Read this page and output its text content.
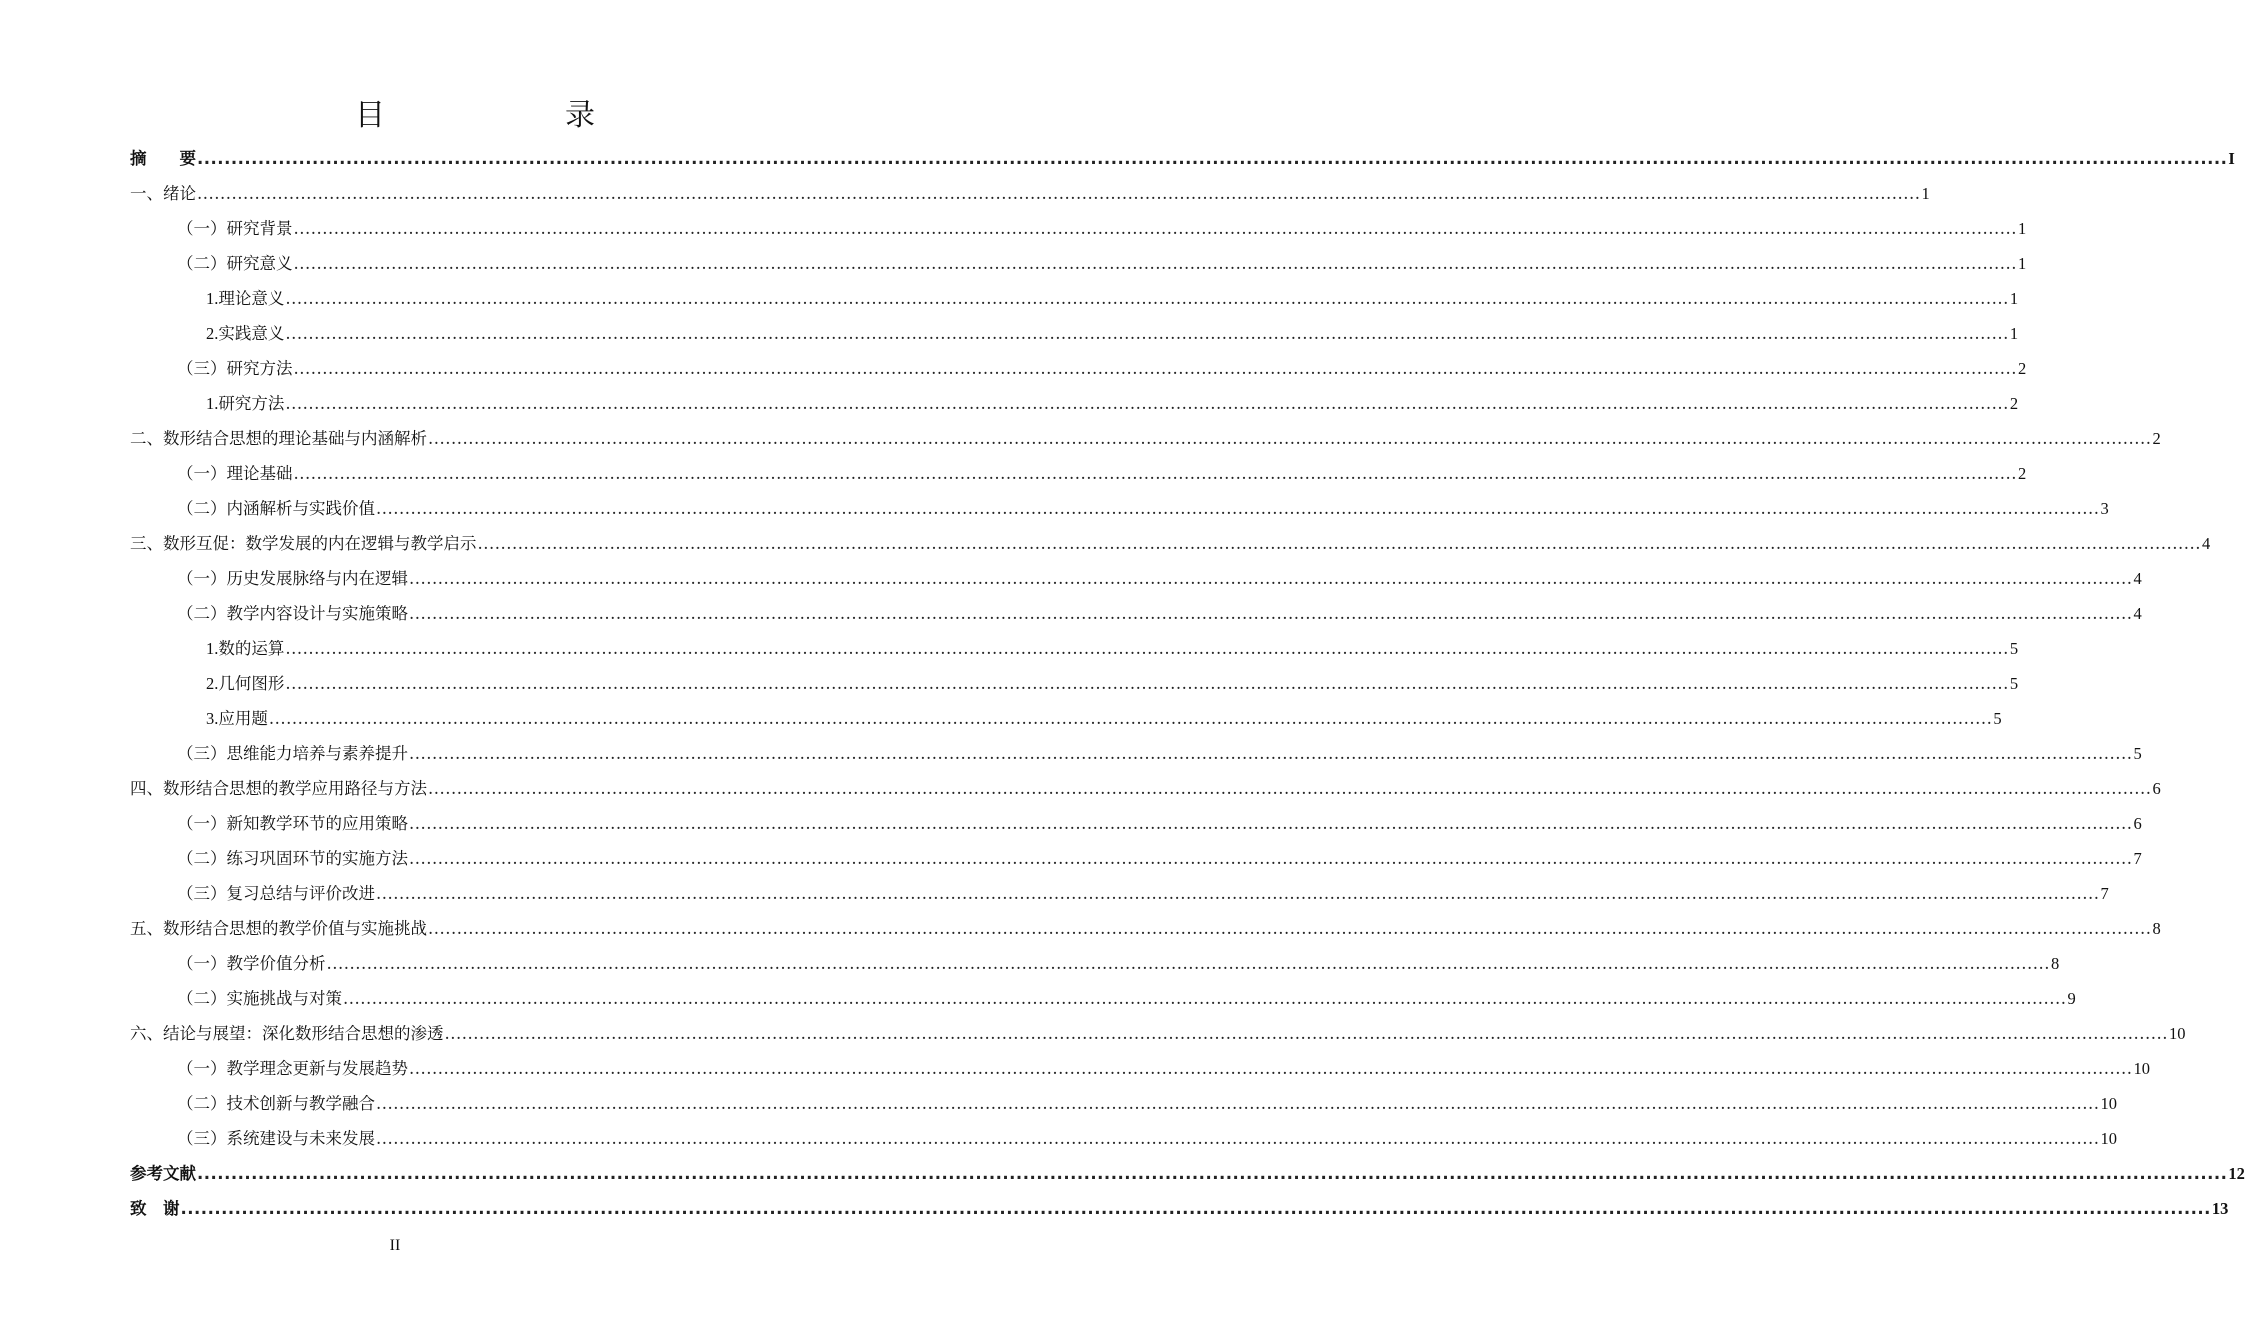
目　　录
摘　　要 ............................................................................................................................................................................................................................................................................................................ I
一、 绪论 ............................................................................................................................................................................................................................................................................................................ 1
（一） 研究背景 ............................................................................................................................................................................................................................................................................................................ 1
（二） 研究意义 ............................................................................................................................................................................................................................................................................................................ 1
1. 理论意义 ............................................................................................................................................................................................................................................................................................................ 1
2. 实践意义 ............................................................................................................................................................................................................................................................................................................ 1
（三） 研究方法 ............................................................................................................................................................................................................................................................................................................ 2
1. 研究方法 ............................................................................................................................................................................................................................................................................................................ 2
二、 数形结合思想的理论基础与内涵解析 ............................................................................................................................................................................................................................................................................................................ 2
（一） 理论基础 ............................................................................................................................................................................................................................................................................................................ 2
（二） 内涵解析与实践价值 ............................................................................................................................................................................................................................................................................................................ 3
三、 数形互促：数学发展的内在逻辑与教学启示 ............................................................................................................................................................................................................................................................................................................ 4
（一） 历史发展脉络与内在逻辑 ............................................................................................................................................................................................................................................................................................................ 4
（二） 教学内容设计与实施策略 ............................................................................................................................................................................................................................................................................................................ 4
1. 数的运算 ............................................................................................................................................................................................................................................................................................................ 5
2. 几何图形 ............................................................................................................................................................................................................................................................................................................ 5
3. 应用题 ............................................................................................................................................................................................................................................................................................................ 5
（三） 思维能力培养与素养提升 ............................................................................................................................................................................................................................................................................................................ 5
四、 数形结合思想的教学应用路径与方法 ............................................................................................................................................................................................................................................................................................................ 6
（一） 新知教学环节的应用策略 ............................................................................................................................................................................................................................................................................................................ 6
（二） 练习巩固环节的实施方法 ............................................................................................................................................................................................................................................................................................................ 7
（三） 复习总结与评价改进 ............................................................................................................................................................................................................................................................................................................ 7
五、 数形结合思想的教学价值与实施挑战 ............................................................................................................................................................................................................................................................................................................ 8
（一） 教学价值分析 ............................................................................................................................................................................................................................................................................................................ 8
（二） 实施挑战与对策 ............................................................................................................................................................................................................................................................................................................ 9
六、 结论与展望：深化数形结合思想的渗透 ............................................................................................................................................................................................................................................................................................................ 10
（一） 教学理念更新与发展趋势 ............................................................................................................................................................................................................................................................................................................ 10
（二） 技术创新与教学融合 ............................................................................................................................................................................................................................................................................................................ 10
（三） 系统建设与未来发展 ............................................................................................................................................................................................................................................................................................................ 10
参考文献 ............................................................................................................................................................................................................................................................................................................ 12
致　谢 ............................................................................................................................................................................................................................................................................................................ 13
II
